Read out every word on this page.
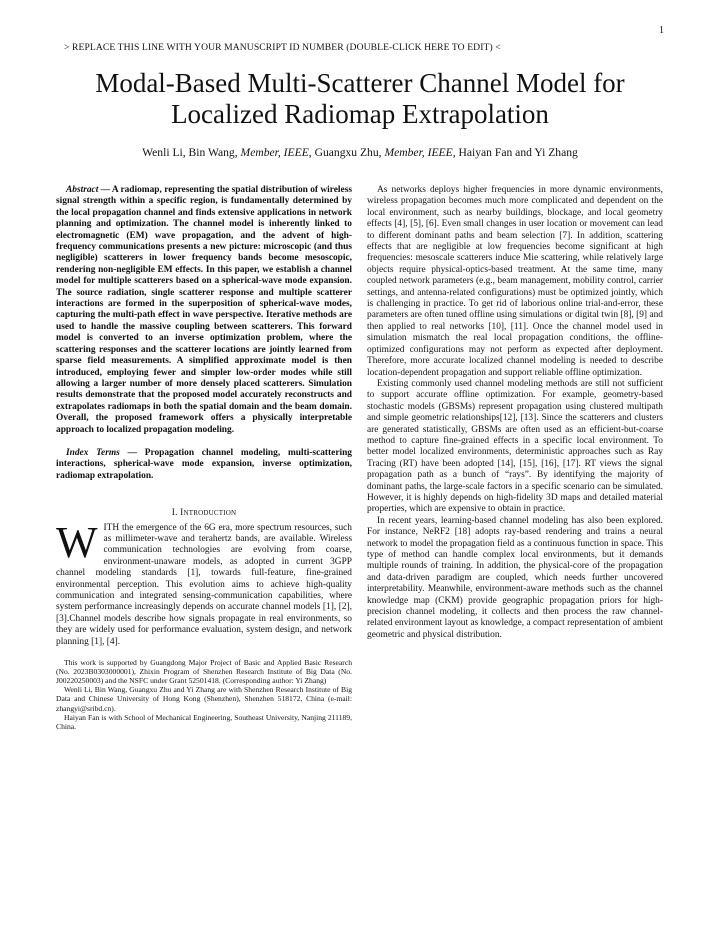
1
> REPLACE THIS LINE WITH YOUR MANUSCRIPT ID NUMBER (DOUBLE-CLICK HERE TO EDIT) <
Modal-Based Multi-Scatterer Channel Model for
Localized Radiomap Extrapolation
Wenli Li, Bin Wang, Member, IEEE, Guangxu Zhu, Member, IEEE, Haiyan Fan and Yi Zhang

Abstract — A radiomap, representing the spatial distribution of wireless signal strength within a specific region, is fundamentally determined by the local propagation channel and finds extensive applications in network planning and optimization. The channel model is inherently linked to electromagnetic (EM) wave propagation, and the advent of high-frequency communications presents a new picture: microscopic (and thus negligible) scatterers in lower frequency bands become mesoscopic, rendering non-negligible EM effects. In this paper, we establish a channel model for multiple scatterers based on a spherical-wave mode expansion. The source radiation, single scatterer response and multiple scatterer interactions are formed in the superposition of spherical-wave modes, capturing the multi-path effect in wave perspective. Iterative methods are used to handle the massive coupling between scatterers. This forward model is converted to an inverse optimization problem, where the scattering responses and the scatterer locations are jointly learned from sparse field measurements. A simplified approximate model is then introduced, employing fewer and simpler low-order modes while still allowing a larger number of more densely placed scatterers. Simulation results demonstrate that the proposed model accurately reconstructs and extrapolates radiomaps in both the spatial domain and the beam domain. Overall, the proposed framework offers a physically interpretable approach to localized propagation modeling.

Index Terms — Propagation channel modeling, multi-scattering interactions, spherical-wave mode expansion, inverse optimization, radiomap extrapolation.

I. Introduction

WITH the emergence of the 6G era, more spectrum resources, such as millimeter-wave and terahertz bands, are available. Wireless communication technologies are evolving from coarse, environment-unaware models, as adopted in current 3GPP channel modeling standards [1], towards full-feature, fine-grained environmental perception. This evolution aims to achieve high-quality communication and integrated sensing-communication capabilities, where system performance increasingly depends on accurate channel models [1], [2], [3].Channel models describe how signals propagate in real environments, so they are widely used for performance evaluation, system design, and network planning [1], [4].

This work is supported by Guangdong Major Project of Basic and Applied Basic Research (No. 2023B0303000001), Zhixin Program of Shenzhen Research Institute of Big Data (No. J00220250003) and the NSFC under Grant 52501418. (Corresponding author: Yi Zhang)

Wenli Li, Bin Wang, Guangxu Zhu and Yi Zhang are with Shenzhen Research Institute of Big Data and Chinese University of Hong Kong (Shenzhen), Shenzhen 518172, China (e-mail: zhangyi@sribd.cn).

Haiyan Fan is with School of Mechanical Engineering, Southeast University, Nanjing 211189, China.

As networks deploys higher frequencies in more dynamic environments, wireless propagation becomes much more complicated and dependent on the local environment, such as nearby buildings, blockage, and local geometry effects [4], [5], [6]. Even small changes in user location or movement can lead to different dominant paths and beam selection [7]. In addition, scattering effects that are negligible at low frequencies become significant at high frequencies: mesoscale scatterers induce Mie scattering, while relatively large objects require physical-optics-based treatment. At the same time, many coupled network parameters (e.g., beam management, mobility control, carrier settings, and antenna-related configurations) must be optimized jointly, which is challenging in practice. To get rid of laborious online trial-and-error, these parameters are often tuned offline using simulations or digital twin [8], [9] and then applied to real networks [10], [11]. Once the channel model used in simulation mismatch the real local propagation conditions, the offline-optimized configurations may not perform as expected after deployment. Therefore, more accurate localized channel modeling is needed to describe location-dependent propagation and support reliable offline optimization.

Existing commonly used channel modeling methods are still not sufficient to support accurate offline optimization. For example, geometry-based stochastic models (GBSMs) represent propagation using clustered multipath and simple geometric relationships[12], [13]. Since the scatterers and clusters are generated statistically, GBSMs are often used as an efficient-but-coarse method to capture fine-grained effects in a specific local environment. To better model localized environments, deterministic approaches such as Ray Tracing (RT) have been adopted [14], [15], [16], [17]. RT views the signal propagation path as a bunch of “rays”. By identifying the majority of dominant paths, the large-scale factors in a specific scenario can be simulated. However, it is highly depends on high-fidelity 3D maps and detailed material properties, which are expensive to obtain in practice.

In recent years, learning-based channel modeling has also been explored. For instance, NeRF2 [18] adopts ray-based rendering and trains a neural network to model the propagation field as a continuous function in space. This type of method can handle complex local environments, but it demands multiple rounds of training. In addition, the physical-core of the propagation and data-driven paradigm are coupled, which needs further uncovered interpretability. Meanwhile, environment-aware methods such as the channel knowledge map (CKM) provide geographic propagation priors for high-precision channel modeling, it collects and then process the raw channel-related environment layout as knowledge, a compact representation of ambient geometric and physical distribution.
